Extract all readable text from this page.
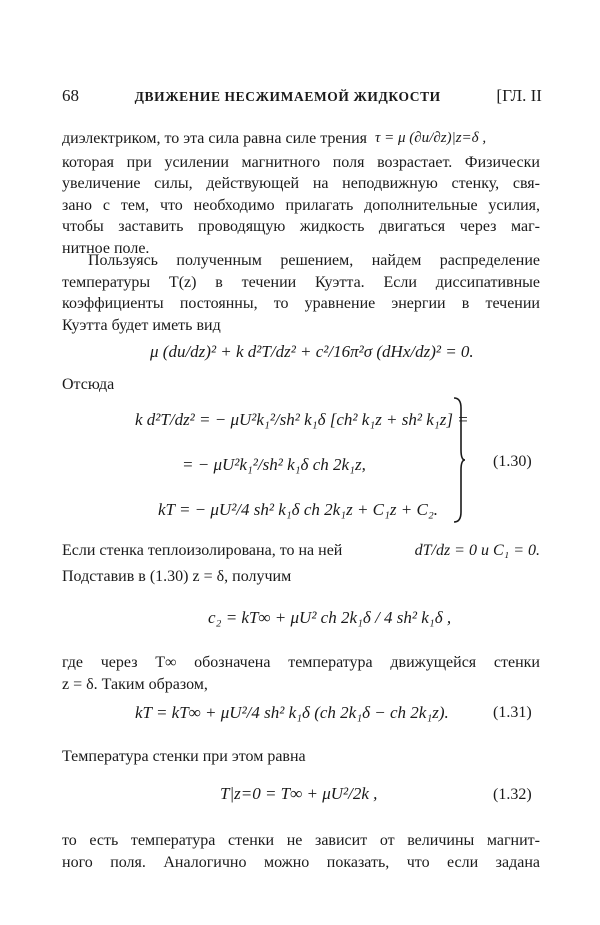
68	ДВИЖЕНИЕ НЕСЖИМАЕМОЙ ЖИДКОСТИ	[ГЛ. II
диэлектриком, то эта сила равна силе трения τ = μ (∂u/∂z)|z=δ ,
которая при усилении магнитного поля возрастает. Физически
увеличение силы, действующей на неподвижную стенку, свя-
зано с тем, что необходимо прилагать дополнительные усилия,
чтобы заставить проводящую жидкость двигаться через маг-
нитное поле.
Пользуясь полученным решением, найдем распределение
температуры T(z) в течении Куэтта. Если диссипативные
коэффициенты постоянны, то уравнение энергии в течении
Куэтта будет иметь вид
μ (du/dz)² + k d²T/dz² + c²/16π²σ (dHx/dz)² = 0.
Отсюда
k d²T/dz² = − μU²k₁²/sh² k₁δ [ch² k₁z + sh² k₁z] =
= − μU²k₁²/sh² k₁δ ch 2k₁z,
kT = − μU²/4 sh² k₁δ ch 2k₁z + C₁z + C₂.
(1.30)
Если стенка теплоизолирована, то на ней	dT/dz = 0 и C₁ = 0.
Подставив в (1.30) z = δ, получим
c₂ = kT∞ + μU² ch 2k₁δ / 4 sh² k₁δ ,
где через T∞ обозначена температура движущейся стенки
z = δ. Таким образом,
kT = kT∞ + μU²/4 sh² k₁δ (ch 2k₁δ − ch 2k₁z).	(1.31)
Температура стенки при этом равна
T|z=0 = T∞ + μU²/2k ,	(1.32)
то есть температура стенки не зависит от величины магнит-
ного поля. Аналогично можно показать, что если задана
